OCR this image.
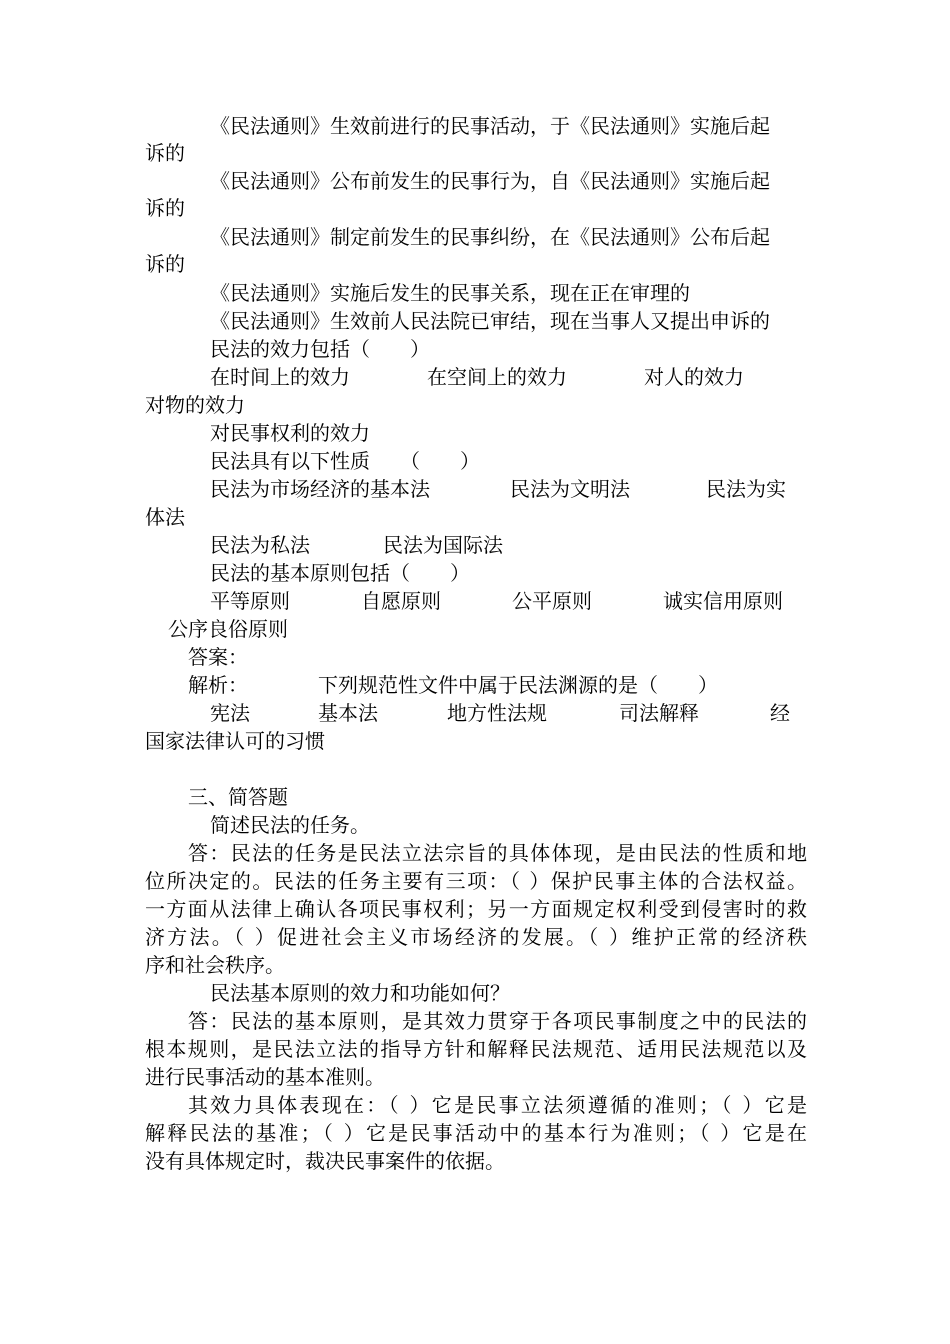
《民法通则》生效前进行的民事活动，于《民法通则》实施后起
诉的
《民法通则》公布前发生的民事行为，自《民法通则》实施后起
诉的
《民法通则》制定前发生的民事纠纷，在《民法通则》公布后起
诉的
《民法通则》实施后发生的民事关系，现在正在审理的
《民法通则》生效前人民法院已审结，现在当事人又提出申诉的
民法的效力包括（　　）
在时间上的效力	在空间上的效力	对人的效力
对物的效力
对民事权利的效力
民法具有以下性质　　（　　）
民法为市场经济的基本法	民法为文明法	民法为实
体法
民法为私法	民法为国际法
民法的基本原则包括（　　）
平等原则	自愿原则	公平原则	诚实信用原则
公序良俗原则
答案：
解析：	下列规范性文件中属于民法渊源的是（　　）
宪法	基本法	地方性法规	司法解释	经
国家法律认可的习惯
三、简答题
简述民法的任务。
答：民法的任务是民法立法宗旨的具体体现，是由民法的性质和地
位所决定的。民法的任务主要有三项：（ ）保护民事主体的合法权益。
一方面从法律上确认各项民事权利；另一方面规定权利受到侵害时的救
济方法。（ ）促进社会主义市场经济的发展。（ ）维护正常的经济秩
序和社会秩序。
民法基本原则的效力和功能如何？
答：民法的基本原则，是其效力贯穿于各项民事制度之中的民法的
根本规则，是民法立法的指导方针和解释民法规范、适用民法规范以及
进行民事活动的基本准则。
其效力具体表现在：（ ）它是民事立法须遵循的准则；（ ）它是
解释民法的基准；（ ）它是民事活动中的基本行为准则；（ ）它是在
没有具体规定时，裁决民事案件的依据。
